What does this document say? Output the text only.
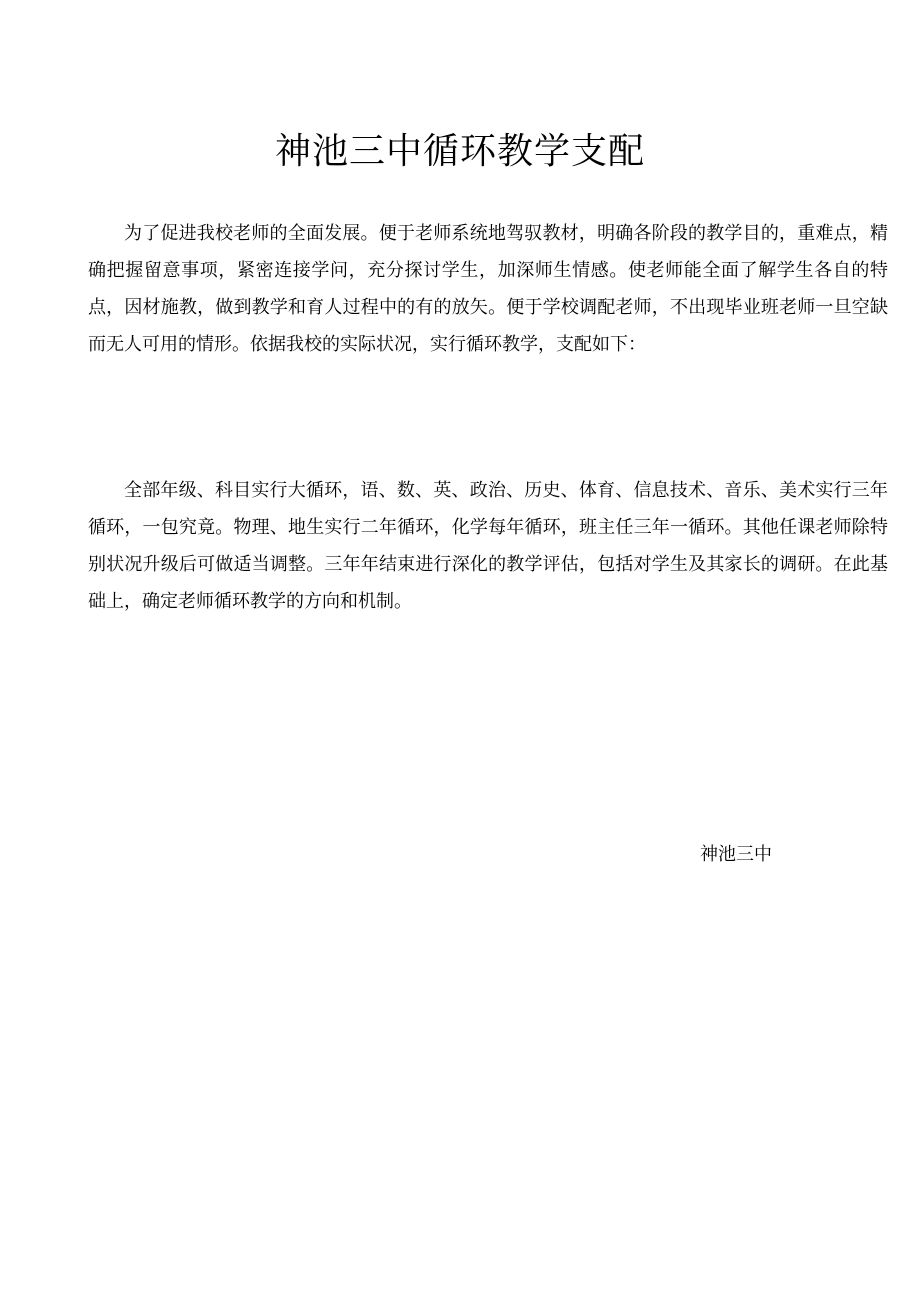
神池三中循环教学支配

为了促进我校老师的全面发展。便于老师系统地驾驭教材，明确各阶段的教学目的，重难点，精确把握留意事项，紧密连接学问，充分探讨学生，加深师生情感。使老师能全面了解学生各自的特点，因材施教，做到教学和育人过程中的有的放矢。便于学校调配老师，不出现毕业班老师一旦空缺而无人可用的情形。依据我校的实际状况，实行循环教学，支配如下：

全部年级、科目实行大循环，语、数、英、政治、历史、体育、信息技术、音乐、美术实行三年循环，一包究竟。物理、地生实行二年循环，化学每年循环，班主任三年一循环。其他任课老师除特别状况升级后可做适当调整。三年年结束进行深化的教学评估，包括对学生及其家长的调研。在此基础上，确定老师循环教学的方向和机制。

神池三中
